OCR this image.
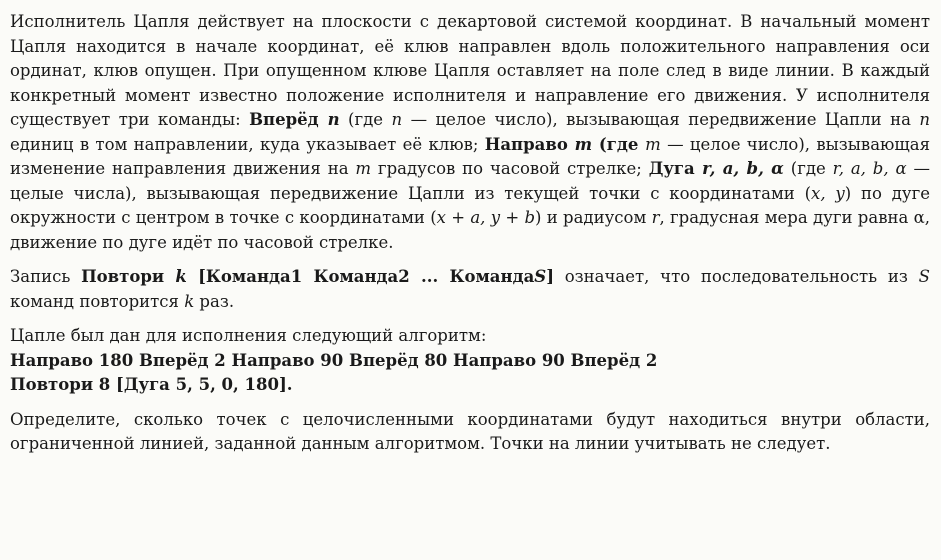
Исполнитель Цапля действует на плоскости с декартовой системой координат. В начальный момент Цапля находится в начале координат, её клюв направлен вдоль положительного направления оси ординат, клюв опущен. При опущенном клюве Цапля оставляет на поле след в виде линии. В каждый конкретный момент известно положение исполнителя и направление его движения. У исполнителя существует три команды: Вперёд n (где n — целое число), вызывающая передвижение Цапли на n единиц в том направлении, куда указывает её клюв; Направо m (где m — целое число), вызывающая изменение направления движения на m градусов по часовой стрелке; Дуга r, a, b, α (где r, a, b, α — целые числа), вызывающая передвижение Цапли из текущей точки с координатами (x, y) по дуге окружности с центром в точке с координатами (x + a, y + b) и радиусом r, градусная мера дуги равна α, движение по дуге идёт по часовой стрелке.

Запись Повтори k [Команда1 Команда2 ... КомандаS] означает, что последовательность из S команд повторится k раз.

Цапле был дан для исполнения следующий алгоритм:
Направо 180 Вперёд 2 Направо 90 Вперёд 80 Направо 90 Вперёд 2
Повтори 8 [Дуга 5, 5, 0, 180].

Определите, сколько точек с целочисленными координатами будут находиться внутри области, ограниченной линией, заданной данным алгоритмом. Точки на линии учитывать не следует.
